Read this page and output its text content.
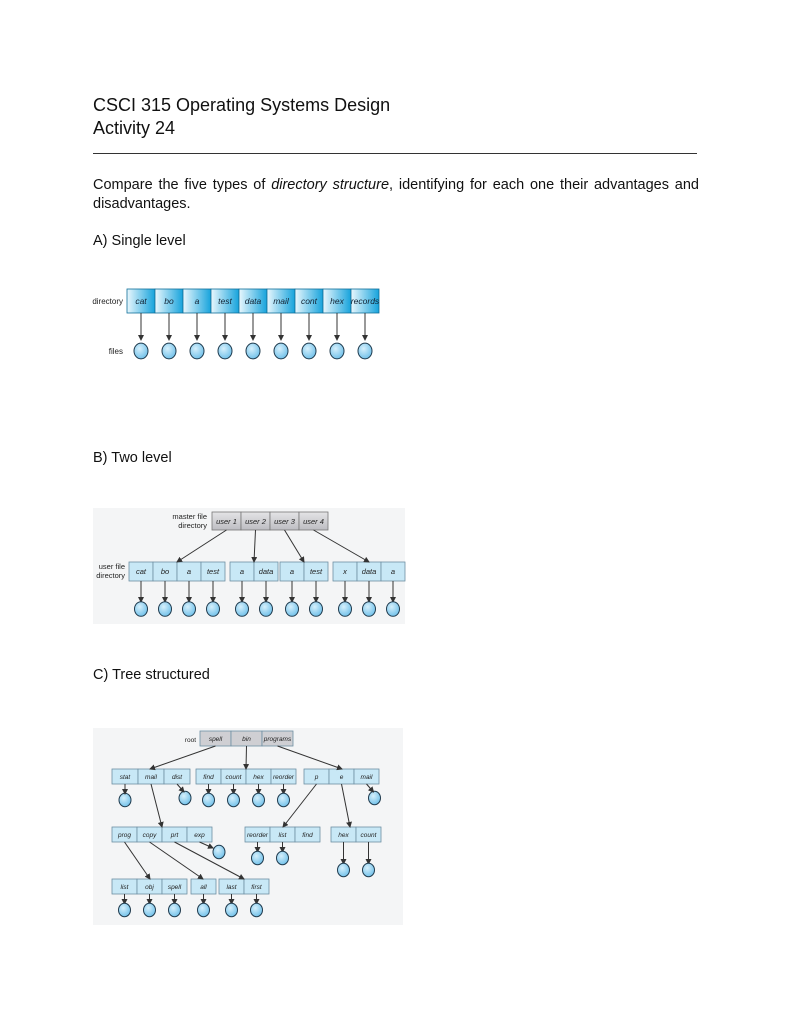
CSCI 315 Operating Systems Design
Activity 24
Compare the five types of directory structure, identifying for each one their advantages and disadvantages.
A) Single level
B) Two level
C) Tree structured
directory
files
cat bo a test data mail cont hex records
master file
directory user 1 user 2 user 3 user 4
user file
directory cat bo a test	a data a test	x data a
root spell	bin programs
stat mail dist	find count hex reorder	p	e	mail
prog copy prt exp	reorder list find	hex count
list	obj spell	all	last first
